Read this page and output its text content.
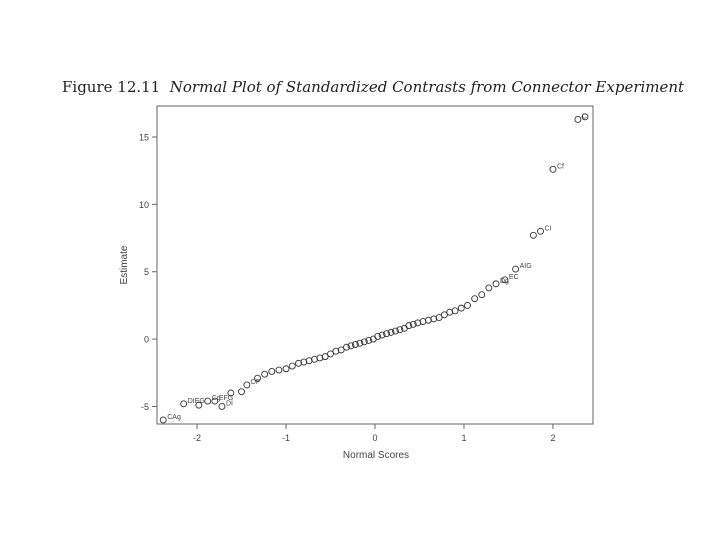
Figure 12.11 Normal Plot of Standardized Contrasts from Connector Experiment
-5
0
5
10
15
-2	-1	0	1	2
CAg
DIEG Cg
EFG
DI
DF
Dg
EC
AIG
CI
Cf
C
Normal Scores
Estimate
